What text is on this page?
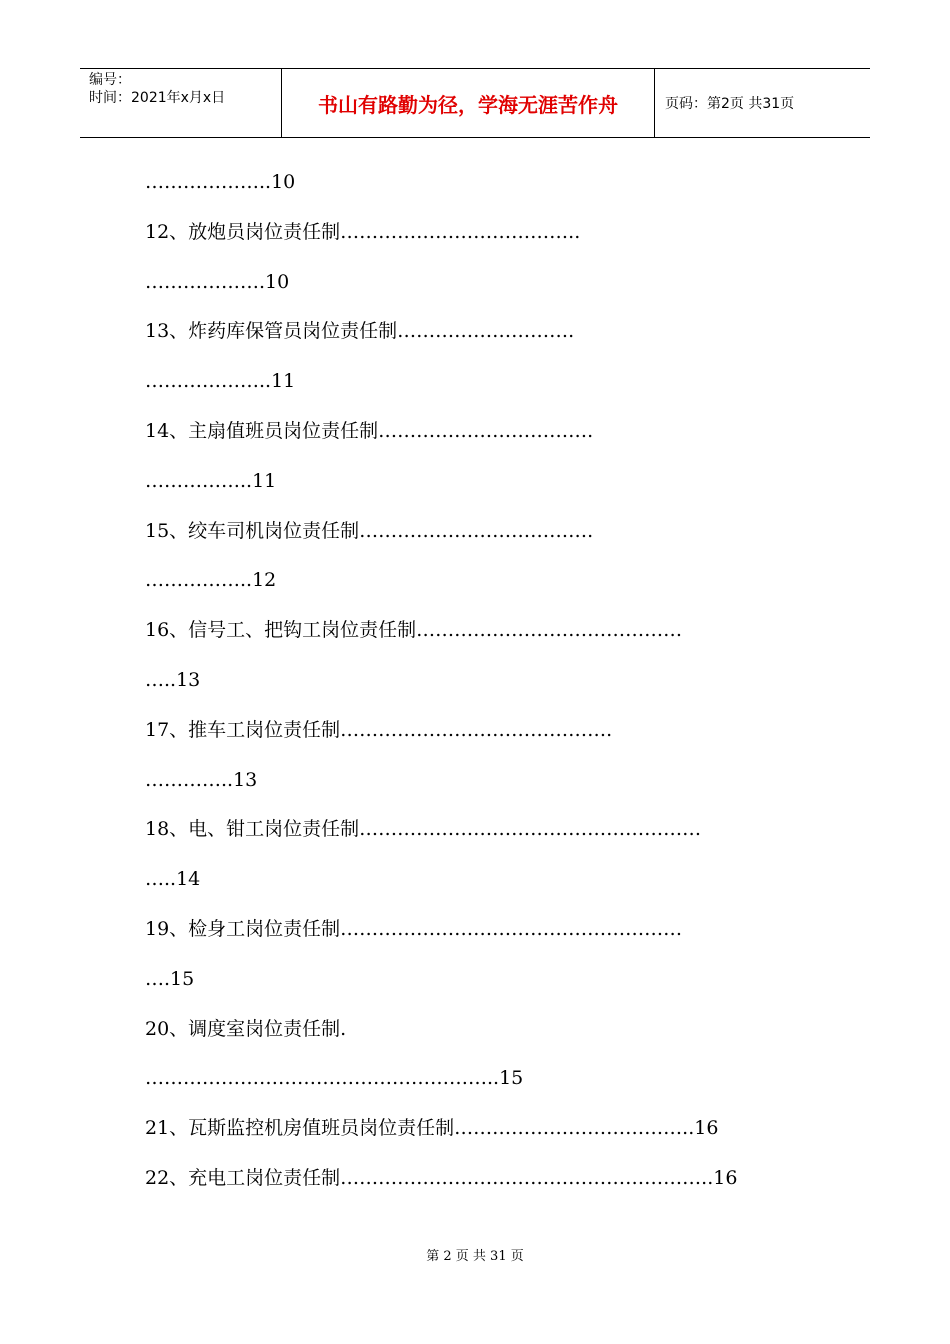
编号：
时间：2021年x月x日	书山有路勤为径，学海无涯苦作舟	页码：第2页 共31页
………………..10
12、放炮员岗位责任制………………………………..
……………….10
13、炸药库保管员岗位责任制……………………….
………………..11
14、主扇值班员岗位责任制…………………………….
……………..11
15、绞车司机岗位责任制……………………………….
……………..12
16、信号工、把钩工岗位责任制……………………………………
…..13
17、推车工岗位责任制…………………………………….
…………..13
18、电、钳工岗位责任制………………………………………………
…..14
19、检身工岗位责任制………………………………………………
….15
20、调度室岗位责任制.
………………………………………………..15
21、瓦斯监控机房值班员岗位责任制………………………………..16
22、充电工岗位责任制…………………………………………………..16
第 2 页 共 31 页
